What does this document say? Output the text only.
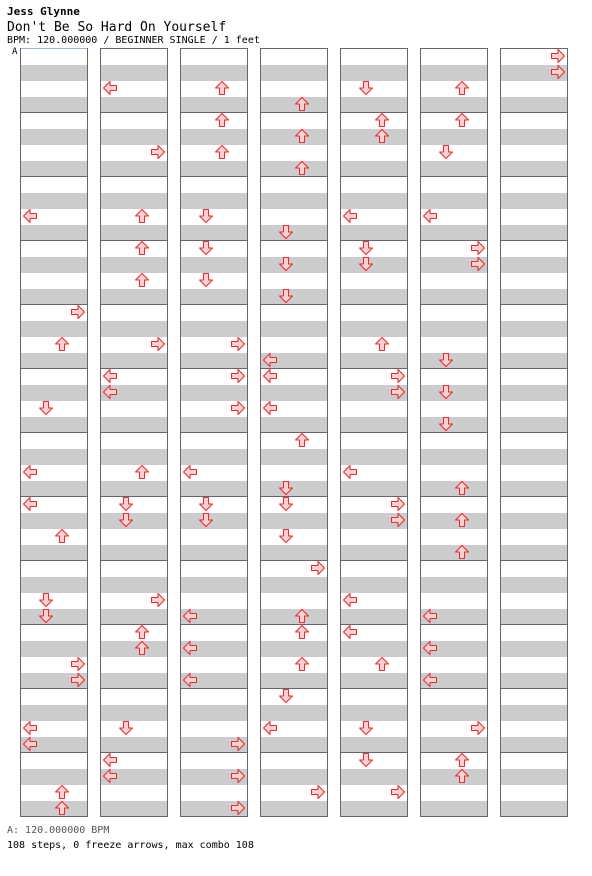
Jess Glynne
Don't Be So Hard On Yourself
BPM: 120.000000 / BEGINNER SINGLE / 1 feet
A
A: 120.000000 BPM
108 steps, 0 freeze arrows, max combo 108
